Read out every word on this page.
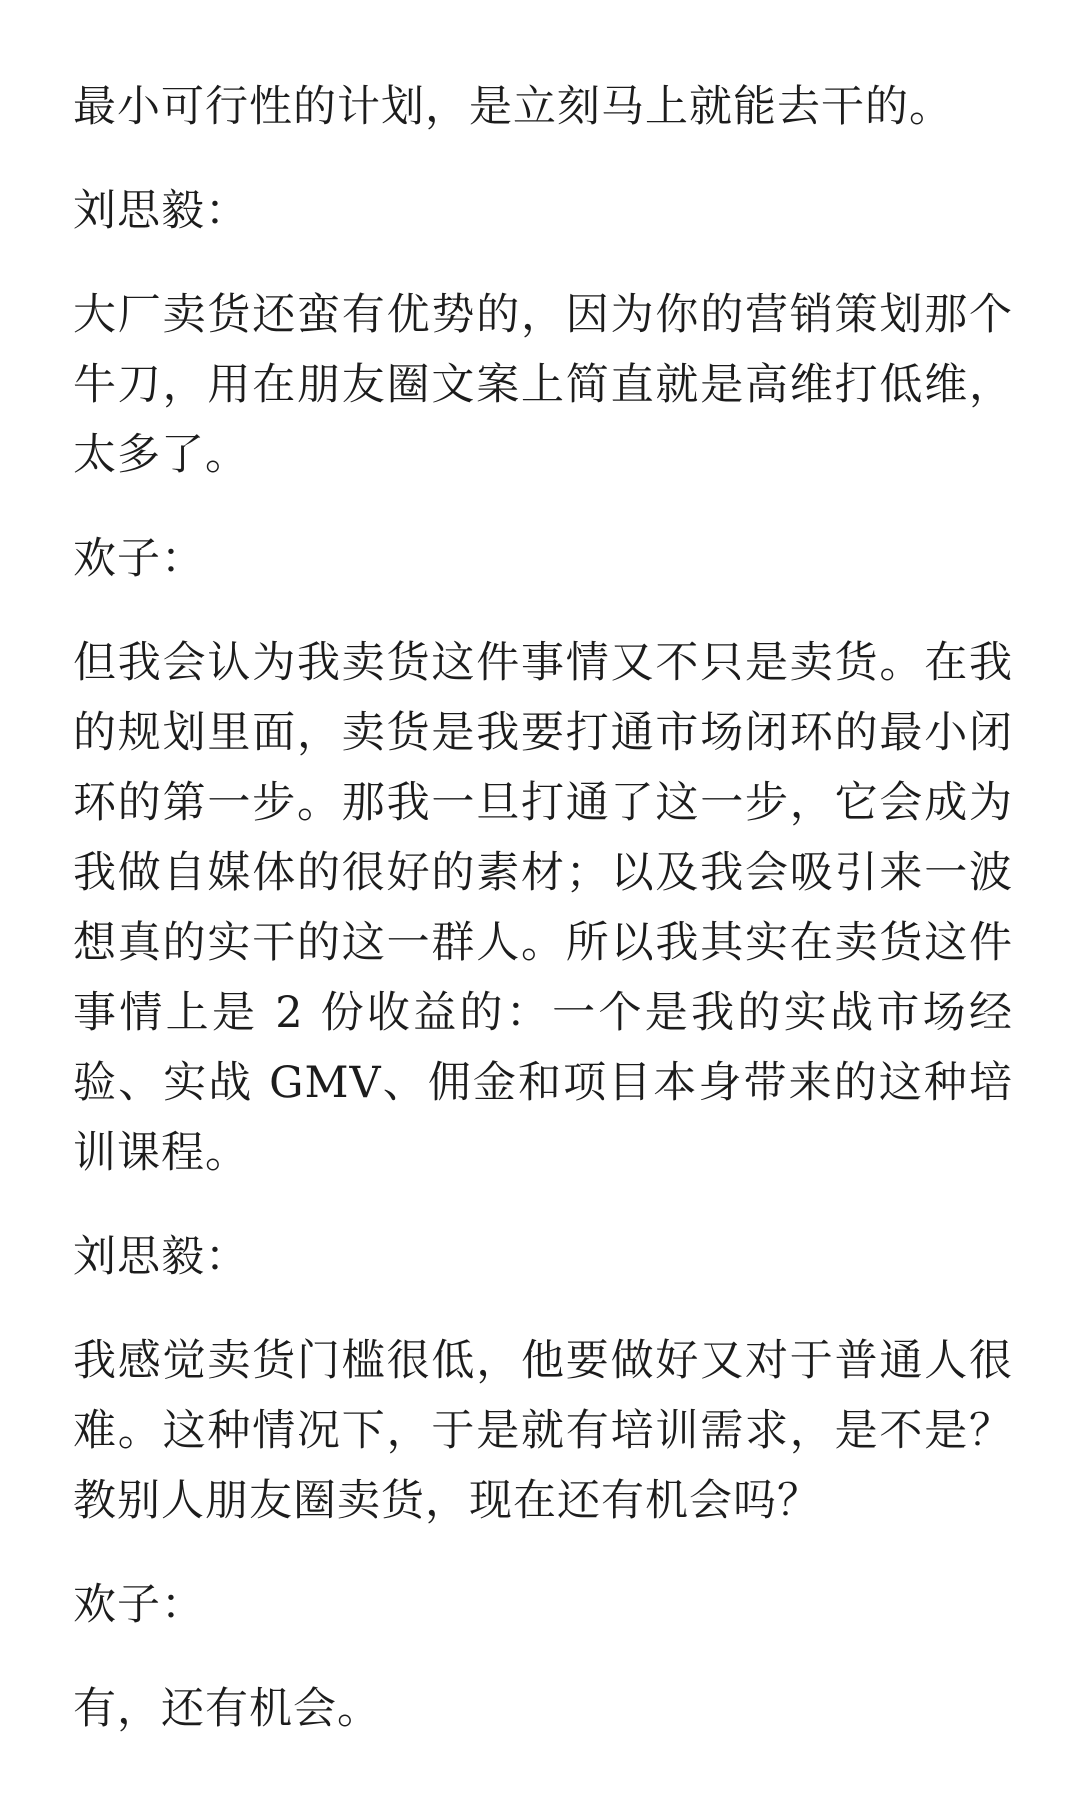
最小可行性的计划，是立刻马上就能去干的。

刘思毅：

大厂卖货还蛮有优势的，因为你的营销策划那个牛刀，用在朋友圈文案上简直就是高维打低维，太多了。

欢子：

但我会认为我卖货这件事情又不只是卖货。在我的规划里面，卖货是我要打通市场闭环的最小闭环的第一步。那我一旦打通了这一步，它会成为我做自媒体的很好的素材；以及我会吸引来一波想真的实干的这一群人。所以我其实在卖货这件事情上是 2 份收益的：一个是我的实战市场经验、实战 GMV、佣金和项目本身带来的这种培训课程。

刘思毅：

我感觉卖货门槛很低，他要做好又对于普通人很难。这种情况下，于是就有培训需求，是不是？教别人朋友圈卖货，现在还有机会吗？

欢子：

有，还有机会。
